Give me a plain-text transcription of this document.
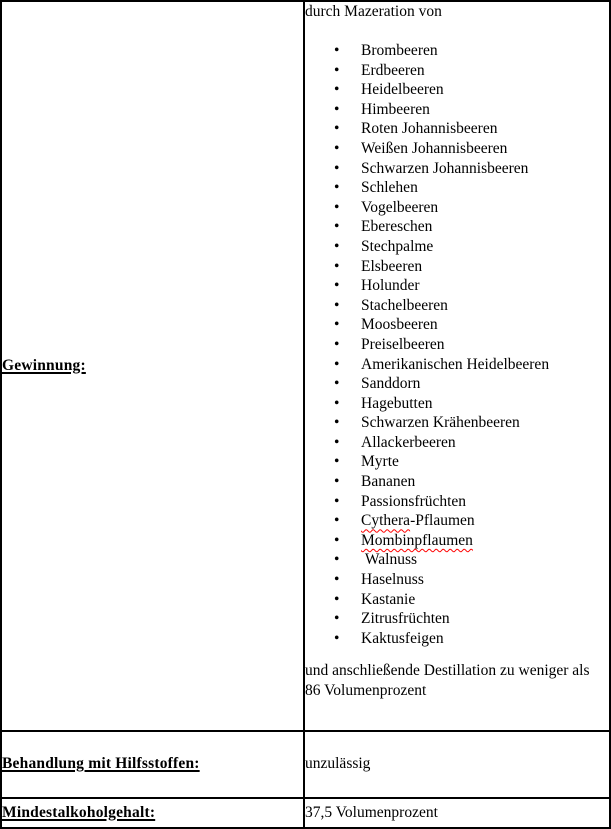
Gewinnung:	
durch Mazeration von
• Brombeeren
• Erdbeeren
• Heidelbeeren
• Himbeeren
• Roten Johannisbeeren
• Weißen Johannisbeeren
• Schwarzen Johannisbeeren
• Schlehen
• Vogelbeeren
• Ebereschen
• Stechpalme
• Elsbeeren
• Holunder
• Stachelbeeren
• Moosbeeren
• Preiselbeeren
• Amerikanischen Heidelbeeren
• Sanddorn
• Hagebutten
• Schwarzen Krähenbeeren
• Allackerbeeren
• Myrte
• Bananen
• Passionsfrüchten
• Cythera-Pflaumen
• Mombinpflaumen
•  Walnuss
• Haselnuss
• Kastanie
• Zitrusfrüchten
• Kaktusfeigen
und anschließende Destillation zu weniger als 86 Volumenprozent

Behandlung mit Hilfsstoffen:	unzulässig
Mindestalkoholgehalt:	37,5 Volumenprozent
